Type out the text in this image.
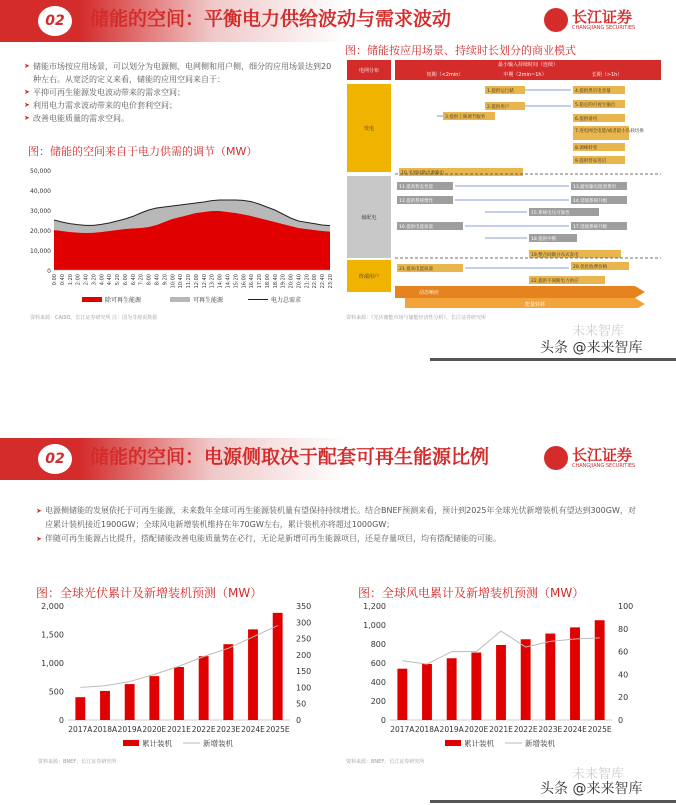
02	储能的空间：平衡电力供给波动与需求波动	长江证券
CHANGJIANG SECURITIES
➤ 储能市场按应用场景，可以划分为电源侧、电网侧和用户侧，细分的应用场景达到20种左右。从宽泛的定义来看，储能的应用空间来自于：
➤ 平抑可再生能源发电波动带来的需求空间；
➤ 利用电力需求波动带来的电价套利空间；
➤ 改善电能质量的需求空间。
图：储能的空间来自于电力供需的调节（MW）
50,000
40,000
30,000
20,000
10,000
0
0:00 0:40 1:20 2:00 2:40 3:20 4:00 4:40 5:20 6:00 6:40 7:20 8:00 8:40 9:20 10:00 10:40 11:20 12:00 12:40 13:20 14:00 14:40 15:20 16:00 16:40 17:20 18:00 18:40 19:20 20:00 20:40 21:20 22:00 22:40 23:20
除可再生能源	可再生能源	电力总需求
资料来源：CAISO，长江证券研究所 注：国为非现说数据
图：储能按应用场景、持续时长划分的商业模式
电网分布
最小输入持续时间（连续）
短期（<2min）	中期（2min~1h）	长期（>1h）
发电
输配电
终端用户
1.提供运行储
2.提供用户
3.提供工频调节服务
4.提供黑启电容量
5.稳定的可再生输出
6.提供备用
7.进电网全电能/或者最小负载切换
8.调峰转变
9.提供替品进启
10.平滑间歇电源输出
11.提高暂态性能
12.提供系统惯性
13.避免输电阻塞费用
14.延缓系统升级
15.系统电压可靠性
16.提供电能质量	17.延缓系统升级
18.提供中断
19.整合间歇分布式发电
20.优化收费价格
21.提高电能质量
22.提供不间断电力供应
动态响应
能量转移
资料来源：《光伏储能市场与储能经济性分析》，长江证券研究所
未来智库
头条 @来来智库
02	储能的空间：电源侧取决于配套可再生能源比例	长江证券
CHANGJIANG SECURITIES
➤ 电源侧储能的发展依托于可再生能源，未来数年全球可再生能源装机量有望保持持续增长。结合BNEF预测来看，预计到2025年全球光伏新增装机有望达到300GW，对应累计装机接近1900GW；全球风电新增装机维持在年70GW左右，累计装机亦将超过1000GW；
➤ 伴随可再生能源占比提升，搭配储能改善电能质量势在必行，无论是新增可再生能源项目，还是存量项目，均有搭配储能的可能。
图：全球光伏累计及新增装机预测（MW）
2,000
1,500
1,000
500
0
350
300
250
200
150
100
50
0
2017A 2018A 2019A 2020E 2021E 2022E 2023E 2024E 2025E
累计装机	新增装机
图：全球风电累计及新增装机预测（MW）
1,200
1,000
800
600
400
200
0
100
80
60
40
20
0
2017A 2018A 2019A 2020E 2021E 2022E 2023E 2024E 2025E
累计装机	新增装机
资料来源：BNEF，长江证券研究所	资料来源：BNEF，长江证券研究所
未来智库
头条 @来来智库
